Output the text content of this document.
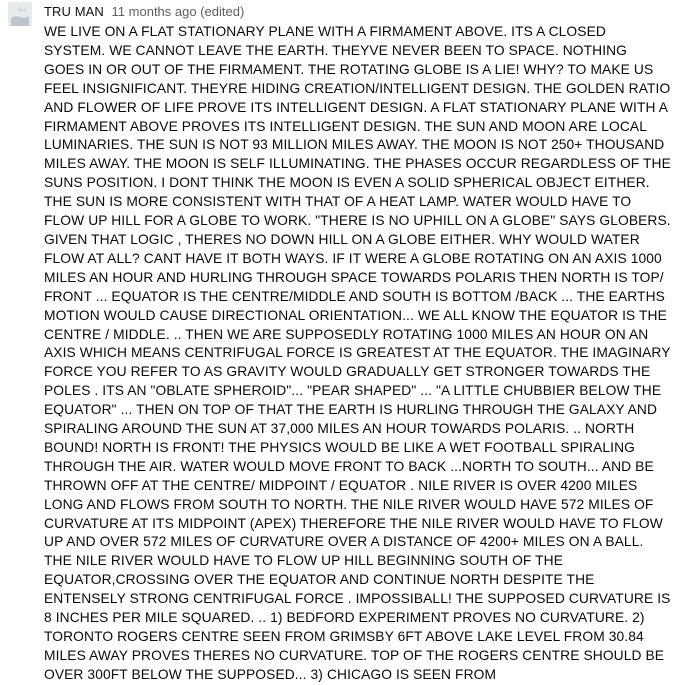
TRU MAN 11 months ago (edited)

WE LIVE ON A FLAT STATIONARY PLANE WITH A FIRMAMENT ABOVE. ITS A CLOSED SYSTEM. WE CANNOT LEAVE THE EARTH. THEYVE NEVER BEEN TO SPACE. NOTHING GOES IN OR OUT OF THE FIRMAMENT. THE ROTATING GLOBE IS A LIE! WHY? TO MAKE US FEEL INSIGNIFICANT. THEYRE HIDING CREATION/INTELLIGENT DESIGN. THE GOLDEN RATIO AND FLOWER OF LIFE PROVE ITS INTELLIGENT DESIGN. A FLAT STATIONARY PLANE WITH A FIRMAMENT ABOVE PROVES ITS INTELLIGENT DESIGN. THE SUN AND MOON ARE LOCAL LUMINARIES. THE SUN IS NOT 93 MILLION MILES AWAY. THE MOON IS NOT 250+ THOUSAND MILES AWAY. THE MOON IS SELF ILLUMINATING. THE PHASES OCCUR REGARDLESS OF THE SUNS POSITION. I DONT THINK THE MOON IS EVEN A SOLID SPHERICAL OBJECT EITHER. THE SUN IS MORE CONSISTENT WITH THAT OF A HEAT LAMP. WATER WOULD HAVE TO FLOW UP HILL FOR A GLOBE TO WORK. "THERE IS NO UPHILL ON A GLOBE" SAYS GLOBERS. GIVEN THAT LOGIC , THERES NO DOWN HILL ON A GLOBE EITHER. WHY WOULD WATER FLOW AT ALL? CANT HAVE IT BOTH WAYS. IF IT WERE A GLOBE ROTATING ON AN AXIS 1000 MILES AN HOUR AND HURLING THROUGH SPACE TOWARDS POLARIS THEN NORTH IS TOP/ FRONT ... EQUATOR IS THE CENTRE/MIDDLE AND SOUTH IS BOTTOM /BACK ... THE EARTHS MOTION WOULD CAUSE DIRECTIONAL ORIENTATION... WE ALL KNOW THE EQUATOR IS THE CENTRE / MIDDLE. .. THEN WE ARE SUPPOSEDLY ROTATING 1000 MILES AN HOUR ON AN AXIS WHICH MEANS CENTRIFUGAL FORCE IS GREATEST AT THE EQUATOR. THE IMAGINARY FORCE YOU REFER TO AS GRAVITY WOULD GRADUALLY GET STRONGER TOWARDS THE POLES . ITS AN "OBLATE SPHEROID"... "PEAR SHAPED" ... "A LITTLE CHUBBIER BELOW THE EQUATOR" ... THEN ON TOP OF THAT THE EARTH IS HURLING THROUGH THE GALAXY AND SPIRALING AROUND THE SUN AT 37,000 MILES AN HOUR TOWARDS POLARIS. .. NORTH BOUND! NORTH IS FRONT! THE PHYSICS WOULD BE LIKE A WET FOOTBALL SPIRALING THROUGH THE AIR. WATER WOULD MOVE FRONT TO BACK ...NORTH TO SOUTH... AND BE THROWN OFF AT THE CENTRE/ MIDPOINT / EQUATOR . NILE RIVER IS OVER 4200 MILES LONG AND FLOWS FROM SOUTH TO NORTH. THE NILE RIVER WOULD HAVE 572 MILES OF CURVATURE AT ITS MIDPOINT (APEX) THEREFORE THE NILE RIVER WOULD HAVE TO FLOW UP AND OVER 572 MILES OF CURVATURE OVER A DISTANCE OF 4200+ MILES ON A BALL. THE NILE RIVER WOULD HAVE TO FLOW UP HILL BEGINNING SOUTH OF THE EQUATOR,CROSSING OVER THE EQUATOR AND CONTINUE NORTH DESPITE THE ENTENSELY STRONG CENTRIFUGAL FORCE . IMPOSSIBALL! THE SUPPOSED CURVATURE IS 8 INCHES PER MILE SQUARED. .. 1) BEDFORD EXPERIMENT PROVES NO CURVATURE. 2) TORONTO ROGERS CENTRE SEEN FROM GRIMSBY 6FT ABOVE LAKE LEVEL FROM 30.84 MILES AWAY PROVES THERES NO CURVATURE. TOP OF THE ROGERS CENTRE SHOULD BE OVER 300FT BELOW THE SUPPOSED... 3) CHICAGO IS SEEN FROM
